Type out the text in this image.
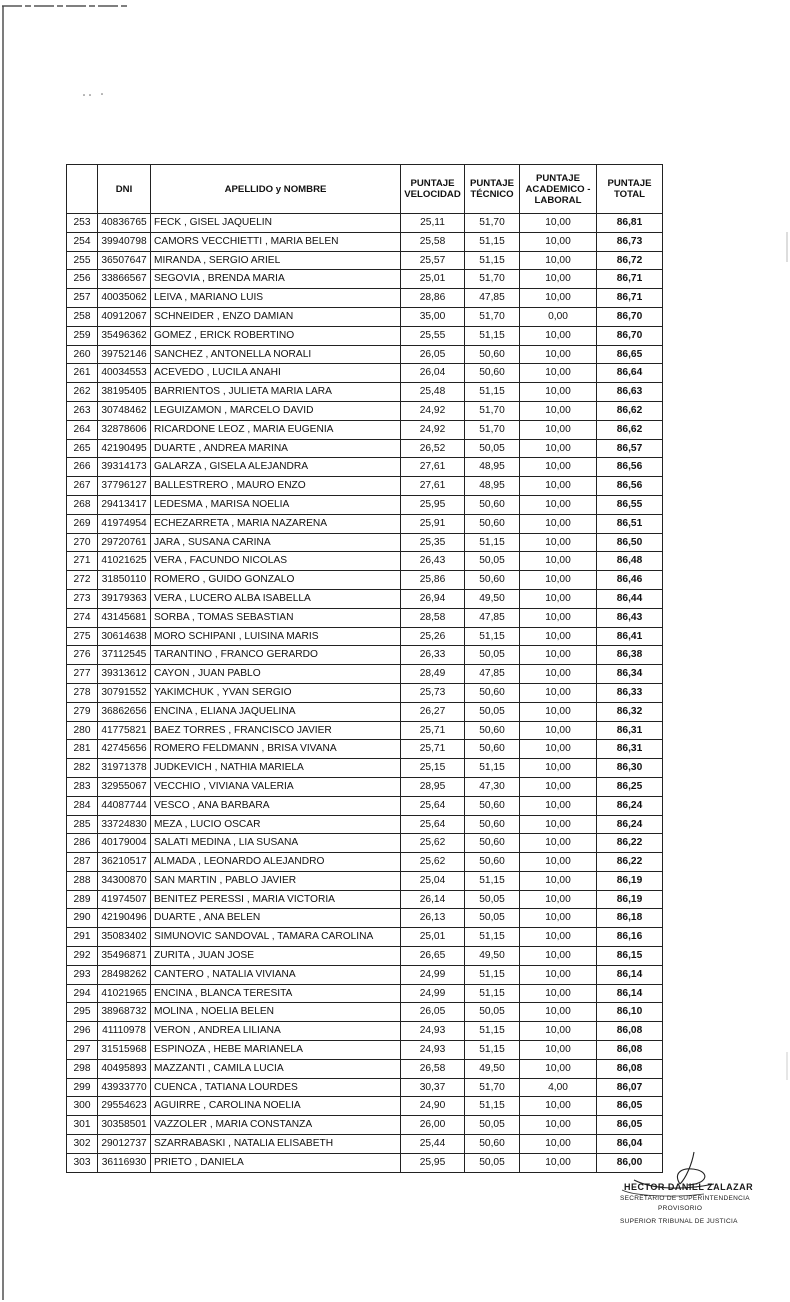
	DNI	APELLIDO y NOMBRE	PUNTAJE VELOCIDAD	PUNTAJE TÉCNICO	PUNTAJE ACADEMICO - LABORAL	PUNTAJE TOTAL
253	40836765	FECK , GISEL JAQUELIN	25,11	51,70	10,00	86,81
254	39940798	CAMORS VECCHIETTI , MARIA BELEN	25,58	51,15	10,00	86,73
255	36507647	MIRANDA , SERGIO ARIEL	25,57	51,15	10,00	86,72
256	33866567	SEGOVIA , BRENDA MARIA	25,01	51,70	10,00	86,71
257	40035062	LEIVA , MARIANO LUIS	28,86	47,85	10,00	86,71
258	40912067	SCHNEIDER , ENZO DAMIAN	35,00	51,70	0,00	86,70
259	35496362	GOMEZ , ERICK ROBERTINO	25,55	51,15	10,00	86,70
260	39752146	SANCHEZ , ANTONELLA NORALI	26,05	50,60	10,00	86,65
261	40034553	ACEVEDO , LUCILA ANAHI	26,04	50,60	10,00	86,64
262	38195405	BARRIENTOS , JULIETA MARIA LARA	25,48	51,15	10,00	86,63
263	30748462	LEGUIZAMON , MARCELO DAVID	24,92	51,70	10,00	86,62
264	32878606	RICARDONE LEOZ , MARIA EUGENIA	24,92	51,70	10,00	86,62
265	42190495	DUARTE , ANDREA MARINA	26,52	50,05	10,00	86,57
266	39314173	GALARZA , GISELA ALEJANDRA	27,61	48,95	10,00	86,56
267	37796127	BALLESTRERO , MAURO ENZO	27,61	48,95	10,00	86,56
268	29413417	LEDESMA , MARISA NOELIA	25,95	50,60	10,00	86,55
269	41974954	ECHEZARRETA , MARIA NAZARENA	25,91	50,60	10,00	86,51
270	29720761	JARA , SUSANA CARINA	25,35	51,15	10,00	86,50
271	41021625	VERA , FACUNDO NICOLAS	26,43	50,05	10,00	86,48
272	31850110	ROMERO , GUIDO GONZALO	25,86	50,60	10,00	86,46
273	39179363	VERA , LUCERO ALBA ISABELLA	26,94	49,50	10,00	86,44
274	43145681	SORBA , TOMAS SEBASTIAN	28,58	47,85	10,00	86,43
275	30614638	MORO SCHIPANI , LUISINA MARIS	25,26	51,15	10,00	86,41
276	37112545	TARANTINO , FRANCO GERARDO	26,33	50,05	10,00	86,38
277	39313612	CAYON , JUAN PABLO	28,49	47,85	10,00	86,34
278	30791552	YAKIMCHUK , YVAN SERGIO	25,73	50,60	10,00	86,33
279	36862656	ENCINA , ELIANA JAQUELINA	26,27	50,05	10,00	86,32
280	41775821	BAEZ TORRES , FRANCISCO JAVIER	25,71	50,60	10,00	86,31
281	42745656	ROMERO FELDMANN , BRISA VIVANA	25,71	50,60	10,00	86,31
282	31971378	JUDKEVICH , NATHIA MARIELA	25,15	51,15	10,00	86,30
283	32955067	VECCHIO , VIVIANA VALERIA	28,95	47,30	10,00	86,25
284	44087744	VESCO , ANA BARBARA	25,64	50,60	10,00	86,24
285	33724830	MEZA , LUCIO OSCAR	25,64	50,60	10,00	86,24
286	40179004	SALATI MEDINA , LIA SUSANA	25,62	50,60	10,00	86,22
287	36210517	ALMADA , LEONARDO ALEJANDRO	25,62	50,60	10,00	86,22
288	34300870	SAN MARTIN , PABLO JAVIER	25,04	51,15	10,00	86,19
289	41974507	BENITEZ PERESSI , MARIA VICTORIA	26,14	50,05	10,00	86,19
290	42190496	DUARTE , ANA BELEN	26,13	50,05	10,00	86,18
291	35083402	SIMUNOVIC SANDOVAL , TAMARA CAROLINA	25,01	51,15	10,00	86,16
292	35496871	ZURITA , JUAN JOSE	26,65	49,50	10,00	86,15
293	28498262	CANTERO , NATALIA VIVIANA	24,99	51,15	10,00	86,14
294	41021965	ENCINA , BLANCA TERESITA	24,99	51,15	10,00	86,14
295	38968732	MOLINA , NOELIA BELEN	26,05	50,05	10,00	86,10
296	41110978	VERON , ANDREA LILIANA	24,93	51,15	10,00	86,08
297	31515968	ESPINOZA , HEBE MARIANELA	24,93	51,15	10,00	86,08
298	40495893	MAZZANTI , CAMILA LUCIA	26,58	49,50	10,00	86,08
299	43933770	CUENCA , TATIANA LOURDES	30,37	51,70	4,00	86,07
300	29554623	AGUIRRE , CAROLINA NOELIA	24,90	51,15	10,00	86,05
301	30358501	VAZZOLER , MARIA CONSTANZA	26,00	50,05	10,00	86,05
302	29012737	SZARRABASKI , NATALIA ELISABETH	25,44	50,60	10,00	86,04
303	36116930	PRIETO , DANIELA	25,95	50,05	10,00	86,00
HECTOR DANIEL ZALAZAR
SECRETARIO DE SUPERINTENDENCIA
PROVISORIO
SUPERIOR TRIBUNAL DE JUSTICIA
